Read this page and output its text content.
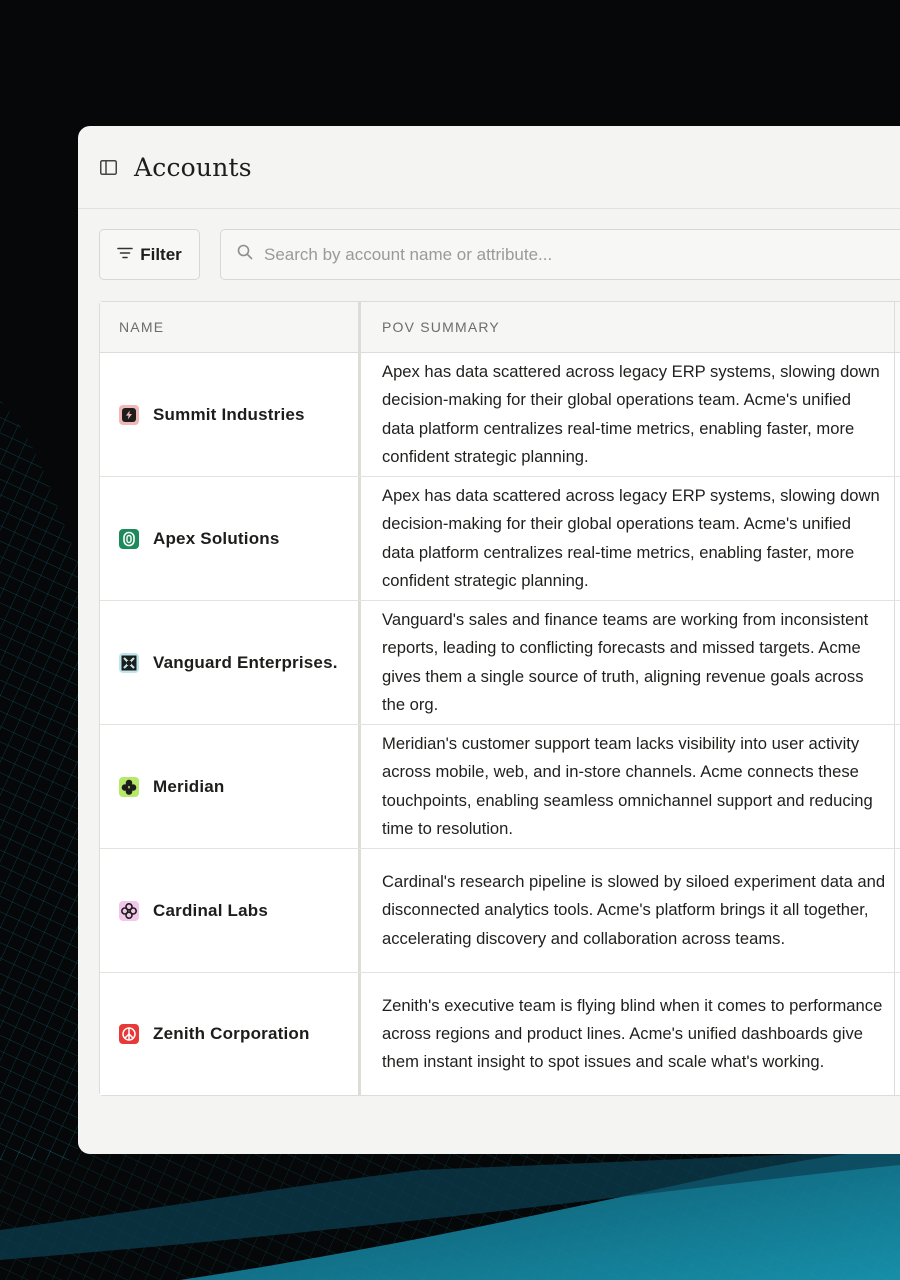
Accounts
Filter
Search by account name or attribute...
NAME	POV SUMMARY
Summit Industries
Apex has data scattered across legacy ERP systems, slowing down decision-making for their global operations team. Acme's unified data platform centralizes real-time metrics, enabling faster, more confident strategic planning.
Apex Solutions
Apex has data scattered across legacy ERP systems, slowing down decision-making for their global operations team. Acme's unified data platform centralizes real-time metrics, enabling faster, more confident strategic planning.
Vanguard Enterprises.
Vanguard's sales and finance teams are working from inconsistent reports, leading to conflicting forecasts and missed targets. Acme gives them a single source of truth, aligning revenue goals across the org.
Meridian
Meridian's customer support team lacks visibility into user activity across mobile, web, and in-store channels. Acme connects these touchpoints, enabling seamless omnichannel support and reducing time to resolution.
Cardinal Labs
Cardinal's research pipeline is slowed by siloed experiment data and disconnected analytics tools. Acme's platform brings it all together, accelerating discovery and collaboration across teams.
Zenith Corporation
Zenith's executive team is flying blind when it comes to performance across regions and product lines. Acme's unified dashboards give them instant insight to spot issues and scale what's working.
